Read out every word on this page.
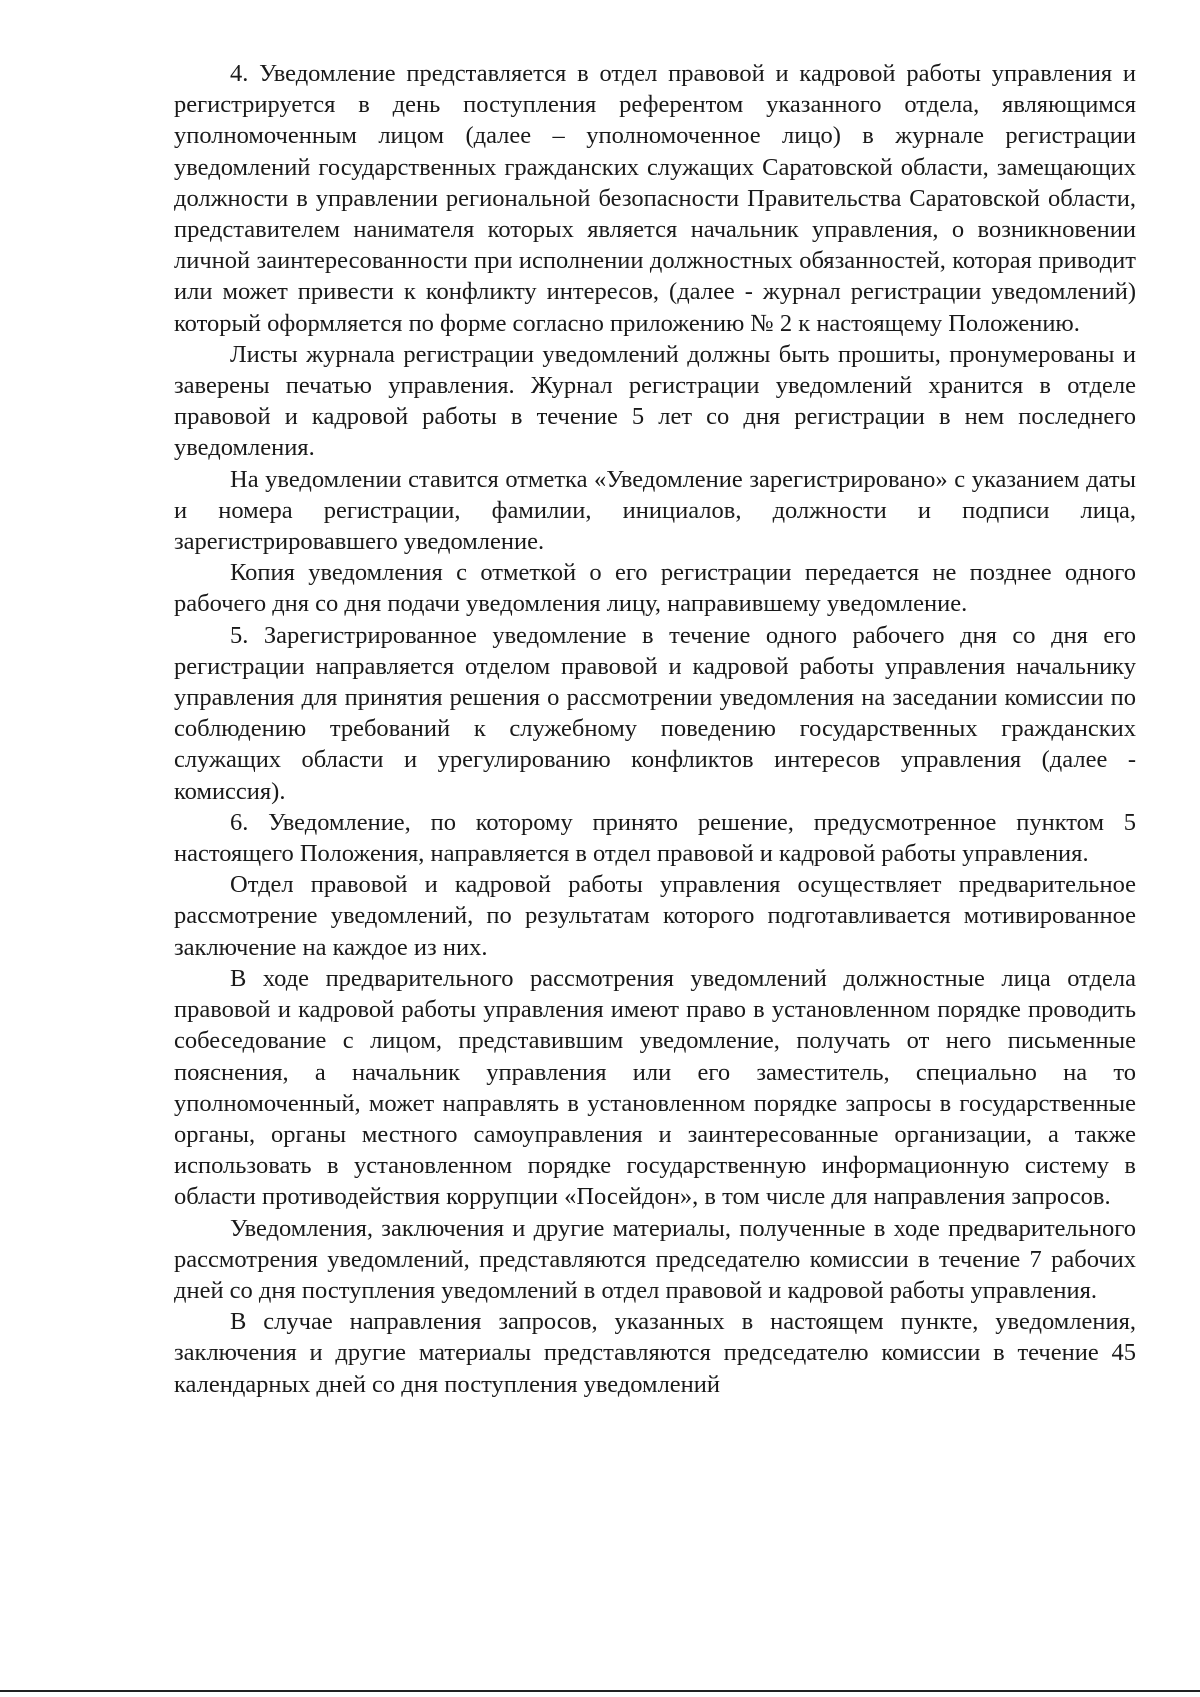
4. Уведомление представляется в отдел правовой и кадровой работы управления и регистрируется в день поступления референтом указанного отдела, являющимся уполномоченным лицом (далее – уполномоченное лицо) в журнале регистрации уведомлений государственных гражданских служащих Саратовской области, замещающих должности в управлении региональной безопасности Правительства Саратовской области, представителем нанимателя которых является начальник управления, о возникновении личной заинтересованности при исполнении должностных обязанностей, которая приводит или может привести к конфликту интересов, (далее - журнал регистрации уведомлений) который оформляется по форме согласно приложению № 2 к настоящему Положению.

Листы журнала регистрации уведомлений должны быть прошиты, пронумерованы и заверены печатью управления. Журнал регистрации уведомлений хранится в отделе правовой и кадровой работы в течение 5 лет со дня регистрации в нем последнего уведомления.

На уведомлении ставится отметка «Уведомление зарегистрировано» с указанием даты и номера регистрации, фамилии, инициалов, должности и подписи лица, зарегистрировавшего уведомление.

Копия уведомления с отметкой о его регистрации передается не позднее одного рабочего дня со дня подачи уведомления лицу, направившему уведомление.

5. Зарегистрированное уведомление в течение одного рабочего дня со дня его регистрации направляется отделом правовой и кадровой работы управления начальнику управления для принятия решения о рассмотрении уведомления на заседании комиссии по соблюдению требований к служебному поведению государственных гражданских служащих области и урегулированию конфликтов интересов управления (далее - комиссия).

6. Уведомление, по которому принято решение, предусмотренное пунктом 5 настоящего Положения, направляется в отдел правовой и кадровой работы управления.

Отдел правовой и кадровой работы управления осуществляет предварительное рассмотрение уведомлений, по результатам которого подготавливается мотивированное заключение на каждое из них.

В ходе предварительного рассмотрения уведомлений должностные лица отдела правовой и кадровой работы управления имеют право в установленном порядке проводить собеседование с лицом, представившим уведомление, получать от него письменные пояснения, а начальник управления или его заместитель, специально на то уполномоченный, может направлять в установленном порядке запросы в государственные органы, органы местного самоуправления и заинтересованные организации, а также использовать в установленном порядке государственную информационную систему в области противодействия коррупции «Посейдон», в том числе для направления запросов.

Уведомления, заключения и другие материалы, полученные в ходе предварительного рассмотрения уведомлений, представляются председателю комиссии в течение 7 рабочих дней со дня поступления уведомлений в отдел правовой и кадровой работы управления.

В случае направления запросов, указанных в настоящем пункте, уведомления, заключения и другие материалы представляются председателю комиссии в течение 45 календарных дней со дня поступления уведомлений
